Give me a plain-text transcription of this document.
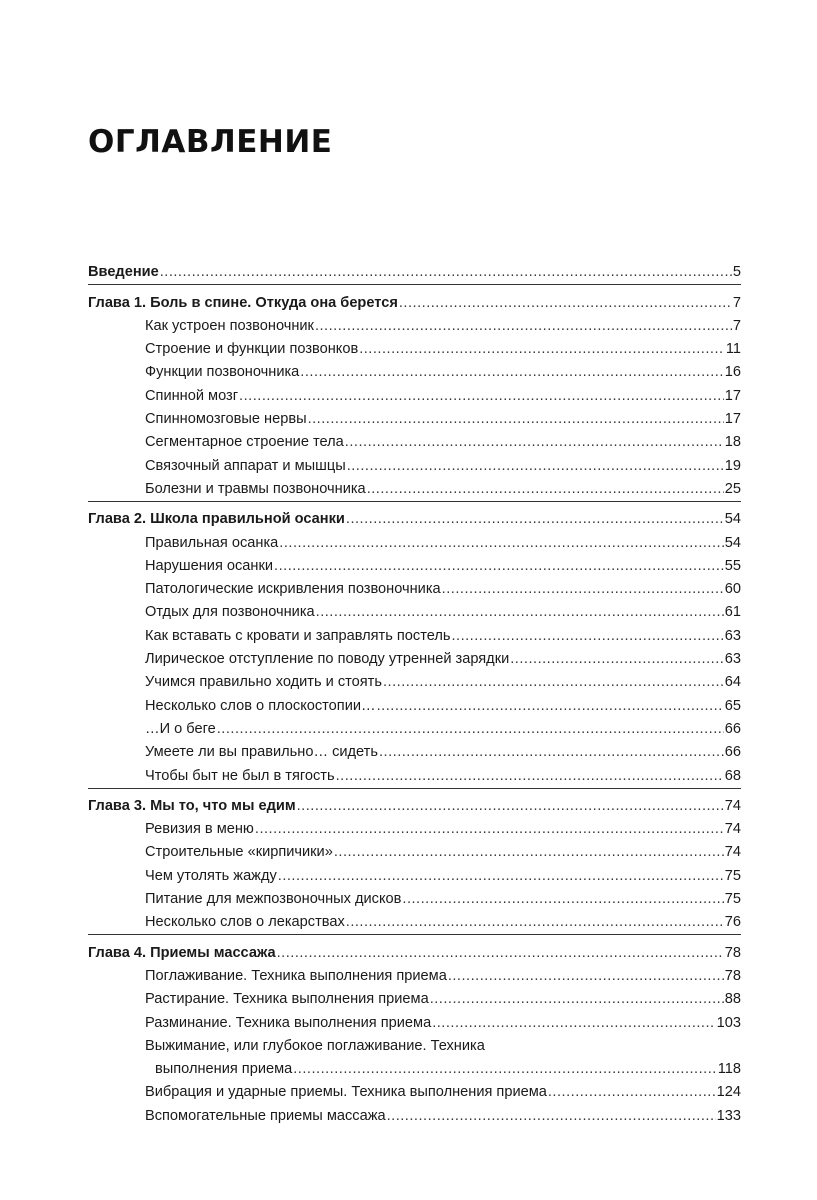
ОГЛАВЛЕНИЕ
Введение .....	5
Глава 1. Боль в спине. Откуда она берется .....	7
Как устроен позвоночник .....	7
Строение и функции позвонков .....	11
Функции позвоночника .....	16
Спинной мозг .....	17
Спинномозговые нервы .....	17
Сегментарное строение тела .....	18
Связочный аппарат и мышцы .....	19
Болезни и травмы позвоночника .....	25
Глава 2. Школа правильной осанки .....	54
Правильная осанка .....	54
Нарушения осанки .....	55
Патологические искривления позвоночника .....	60
Отдых для позвоночника .....	61
Как вставать с кровати и заправлять постель .....	63
Лирическое отступление по поводу утренней зарядки .....	63
Учимся правильно ходить и стоять .....	64
Несколько слов о плоскостопии… .....	65
…И о беге .....	66
Умеете ли вы правильно… сидеть .....	66
Чтобы быт не был в тягость .....	68
Глава 3. Мы то, что мы едим .....	74
Ревизия в меню .....	74
Строительные «кирпичики» .....	74
Чем утолять жажду .....	75
Питание для межпозвоночных дисков .....	75
Несколько слов о лекарствах .....	76
Глава 4. Приемы массажа .....	78
Поглаживание. Техника выполнения приема .....	78
Растирание. Техника выполнения приема .....	88
Разминание. Техника выполнения приема .....	103
Выжимание, или глубокое поглаживание. Техника
выполнения приема .....	118
Вибрация и ударные приемы. Техника выполнения приема .....	124
Вспомогательные приемы массажа .....	133
